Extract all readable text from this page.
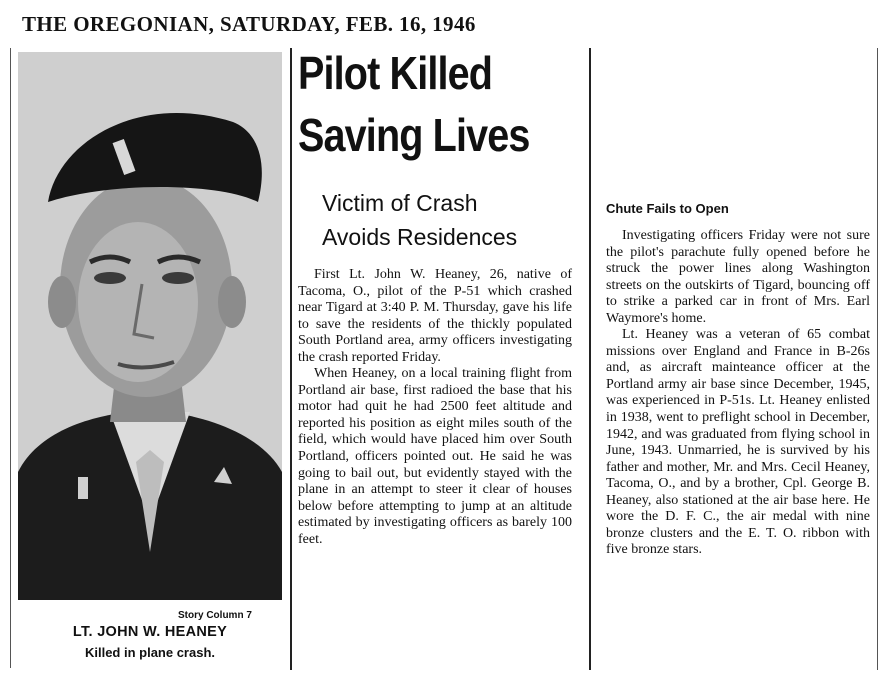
THE OREGONIAN, SATURDAY, FEB. 16, 1946
Story Column 7
LT. JOHN W. HEANEY
Killed in plane crash.
Pilot Killed
Saving Lives
Victim of Crash
Avoids Residences

First Lt. John W. Heaney, 26, native of Tacoma, O., pilot of the P-51 which crashed near Tigard at 3:40 P. M. Thursday, gave his life to save the residents of the thickly populated South Portland area, army officers investigating the crash reported Friday.

When Heaney, on a local training flight from Portland air base, first radioed the base that his motor had quit he had 2500 feet altitude and reported his position as eight miles south of the field, which would have placed him over South Portland, officers pointed out. He said he was going to bail out, but evidently stayed with the plane in an attempt to steer it clear of houses below before attempting to jump at an altitude estimated by investigating officers as barely 100 feet.

Chute Fails to Open

Investigating officers Friday were not sure the pilot's parachute fully opened before he struck the power lines along Washington streets on the outskirts of Tigard, bouncing off to strike a parked car in front of Mrs. Earl Waymore's home.

Lt. Heaney was a veteran of 65 combat missions over England and France in B-26s and, as aircraft mainteance officer at the Portland army air base since December, 1945, was experienced in P-51s. Lt. Heaney enlisted in 1938, went to preflight school in December, 1942, and was graduated from flying school in June, 1943. Unmarried, he is survived by his father and mother, Mr. and Mrs. Cecil Heaney, Tacoma, O., and by a brother, Cpl. George B. Heaney, also stationed at the air base here. He wore the D. F. C., the air medal with nine bronze clusters and the E. T. O. ribbon with five bronze stars.
